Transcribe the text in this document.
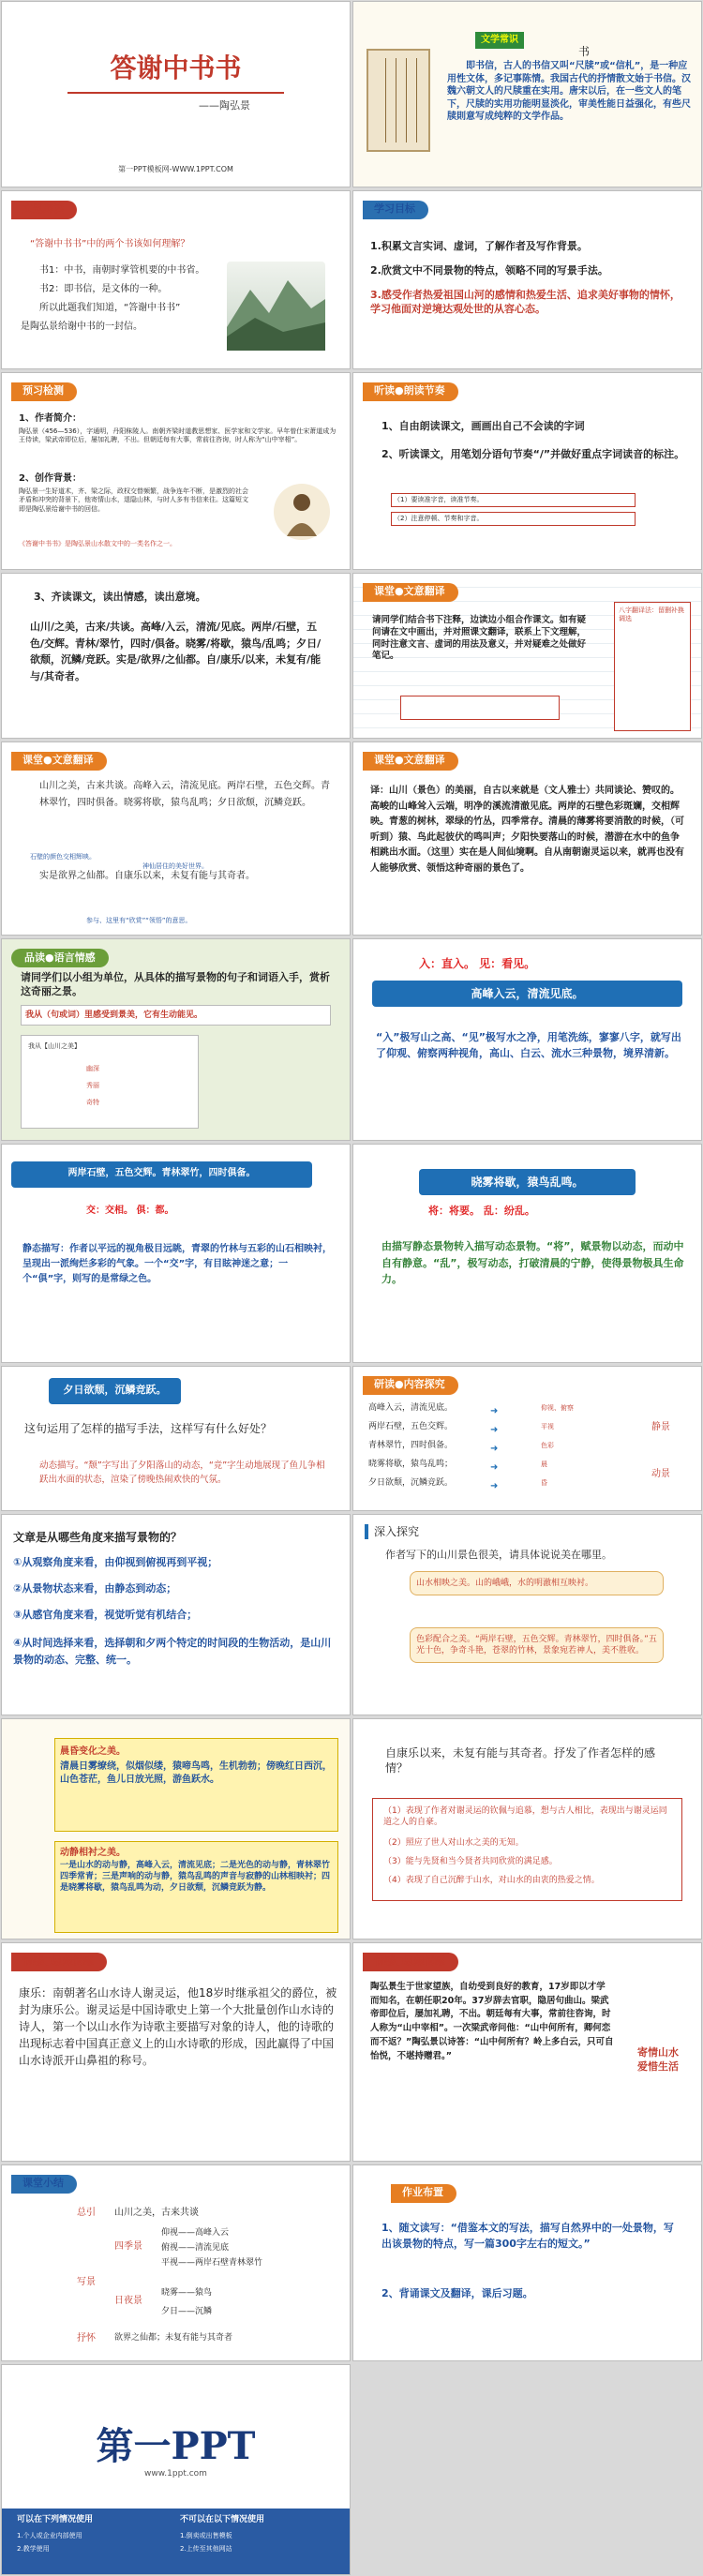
答谢中书书
——陶弘景
第一PPT模板网-WWW.1PPT.COM
文学常识
书
即书信，古人的书信又叫“尺牍”或“信札”，是一种应用性文体，多记事陈情。我国古代的抒情散文始于书信。汉魏六朝文人的尺牍重在实用。唐宋以后，在一些文人的笔下，尺牍的实用功能明显淡化，审美性能日益强化，有些尺牍則意写成纯粹的文学作品。
文题解读
“答谢中书书”中的两个书该如何理解？
书1：中书，南朝时掌管机要的中书省。
书2：即书信，是文体的一种。
所以此题我们知道，“答谢中书书”
是陶弘景给谢中书的一封信。
学习目标
1.积累文言实词、虚词，了解作者及写作背景。
2.欣赏文中不同景物的特点，领略不同的写景手法。
3.感受作者热爱祖国山河的感情和热爱生活、追求美好事物的情怀，学习他面对逆境达观处世的从容心态。
预习检测
1、作者简介：
陶弘景（456—536），字通明，丹阳秣陵人。南朝齐梁时道教思想家、医学家和文学家。早年曾仕宋萧道成为王侍读，梁武帝即位后，屡加礼聘，不出。但朝廷每有大事，常前往咨询，时人称为“山中宰相”。
2、创作背景：
陶弘景一生好道术，齐、梁之际，政权交替频繁，战争连年不断，是激烈的社会矛盾和冲突的背景下，他寄情山水，退隐山林，与时人多有书信来往。这篇短文即是陶弘景给谢中书的回信。
《答谢中书书》是陶弘景山水散文中的一类名作之一。
听读●朗读节奏
1、自由朗读课文，画画出自己不会读的字词
2、听读课文，用笔划分语句节奏“/”并做好重点字词读音的标注。
（1）要读准字音，读准节奏。
（2）注意停顿、节奏和字音。
3、齐读课文，读出情感，读出意境。
山川/之美，古来/共谈。高峰/入云，清流/见底。两岸/石壁，五色/交辉。青林/翠竹，四时/俱备。晓雾/将歇，猿鸟/乱鸣；夕日/欲颓，沉鳞/竞跃。实是/欲界/之仙都。自/康乐/以来，未复有/能与/其奇者。
课堂●文意翻译
请同学们结合书下注释，边读边小组合作课文。如有疑问请在文中画出，并对照课文翻译，联系上下文理解，同时注意文言、虚词的用法及意义，并对疑难之处做好笔记。
八字翻译法：留删补换调选
课堂●文意翻译
山川之美，古来共谈。高峰入云，清流见底。两岸石壁，五色交辉。青林翠竹，四时俱备。晓雾将歇，猿鸟乱鸣；夕日欲颓，沉鳞竞跃。
石壁的颜色交相辉映。
实是欲界之仙都。自康乐以来，未复有能与其奇者。
神仙居住的美好世界。
参与、这里有“欣赏”“领悟”的意思。
课堂●文意翻译
译：山川（景色）的美丽，自古以来就是（文人雅士）共同谈论、赞叹的。高峻的山峰耸入云端，明净的溪流清澈见底。两岸的石壁色彩斑斓，交相辉映。青葱的树林，翠绿的竹丛，四季常存。清晨的薄雾将要消散的时候，（可听到）猿、鸟此起彼伏的鸣叫声；夕阳快要落山的时候，潜游在水中的鱼争相跳出水面。（这里）实在是人间仙境啊。自从南朝谢灵运以来，就再也没有人能够欣赏、领悟这种奇丽的景色了。
品读●语言情感
请同学们以小组为单位，从具体的描写景物的句子和词语入手，赏析这奇丽之景。
我从（句或词）里感受到景美，它有生动能见。
我从【山川之美】
幽深
秀丽
奇特
入：直入。 见：看见。
高峰入云，清流见底。
“入”极写山之高、“见”极写水之净，用笔洗练，寥寥八字，就写出了仰观、俯察两种视角，高山、白云、流水三种景物，境界清新。
两岸石壁，五色交辉。青林翠竹，四时俱备。
交：交相。 俱：都。
静态描写：作者以平远的视角极目远眺，青翠的竹林与五彩的山石相映衬，呈现出一派绚烂多彩的气象。一个“交”字，有目眩神迷之意；一个“俱”字，则写的是常绿之色。
晓雾将歇，猿鸟乱鸣。
将：将要。 乱：纷乱。
由描写静态景物转入描写动态景物。“将”，赋景物以动态，而动中自有静意。“乱”，极写动态，打破清晨的宁静，使得景物极具生命力。
夕日欲颓，沉鳞竞跃。
这句运用了怎样的描写手法，这样写有什么好处？
动态描写。“颓”字写出了夕阳落山的动态，“竞”字生动地展现了鱼儿争相跃出水面的状态，渲染了傍晚热闹欢快的气氛。
研读●内容探究
高峰入云，清流见底。
两岸石壁，五色交辉。
青林翠竹，四时俱备。
晓雾将歇，猿鸟乱鸣；
夕日欲颓，沉鳞竞跃。
➜
➜
➜
➜
➜
仰视、俯察
平视
色彩
晨
昏
静景
动景
文章是从哪些角度来描写景物的？
①从观察角度来看，由仰视到俯视再到平视；
②从景物状态来看，由静态到动态；
③从感官角度来看，视觉听觉有机结合；
④从时间选择来看，选择朝和夕两个特定的时间段的生物活动，是山川景物的动态、完整、统一。
深入探究
作者写下的山川景色很美，请具体说说美在哪里。
山水相映之美。山的峨峨，水的明澈相互映衬。
色彩配合之美。“两岸石壁，五色交辉。青林翠竹，四时俱备。”五光十色，争奇斗艳，苍翠的竹林，景象宛若神人，美不胜收。
晨昏变化之美。
清晨日雾缭绕，似烟似缕，猿啼鸟鸣，生机勃勃；傍晚红日西沉，山色苍茫，鱼儿日放光照，游鱼跃水。
动静相衬之美。
一是山水的动与静，高峰入云，清流见底；二是光色的动与静，青林翠竹四季常青；三是声响的动与静，猿鸟乱鸣的声音与寂静的山林相映衬；四是晓雾将歇，猿鸟乱鸣为动，夕日欲颓，沉鳞竞跃为静。
自康乐以来，未复有能与其奇者。抒发了作者怎样的感情？
（1）表现了作者对谢灵运的钦佩与追慕，想与古人相比，表现出与谢灵运同道之人的自豪。
（2）照应了世人对山水之美的无知。
（3）能与先贤和当今贤者共同欣赏的满足感。
（4）表现了自己沉醉于山水，对山水的由衷的热爱之情。
情感●思想情感
康乐：南朝著名山水诗人谢灵运，他18岁时继承祖父的爵位，被封为康乐公。谢灵运是中国诗歌史上第一个大批量创作山水诗的诗人，第一个以山水作为诗歌主要描写对象的诗人，他的诗歌的出现标志着中国真正意义上的山水诗歌的形成，因此赢得了中国山水诗派开山鼻祖的称号。
情感●思想情感
陶弘景生于世家望族，自幼受到良好的教育，17岁即以才学而知名，在朝任职20年。37岁辞去官职，隐居句曲山。梁武帝即位后，屡加礼聘，不出。朝廷每有大事，常前往咨询，时人称为“山中宰相”。一次梁武帝问他：“山中何所有，卿何恋而不返？”陶弘景以诗答：“山中何所有？岭上多白云，只可自怡悦，不堪持赠君。”	寄情山水 爱惜生活
课堂小结
总引 山川之美，古来共谈
写景
四季景
日夜景
仰视——高峰入云
俯视——清流见底
平视——两岸石壁青林翠竹
晓雾——猿鸟
夕日——沉鳞
抒怀 欲界之仙都；未复有能与其奇者
作业布置
1、随文读写：“借鉴本文的写法，描写自然界中的一处景物，写出该景物的特点，写一篇300字左右的短文。”
2、背诵课文及翻译，课后习题。
第一PPT
www.1ppt.com
可以在下列情况使用
1.个人或企业内部使用
2.教学使用
不可以在以下情况使用
1.倒卖或出售模板
2.上传至其他网站
